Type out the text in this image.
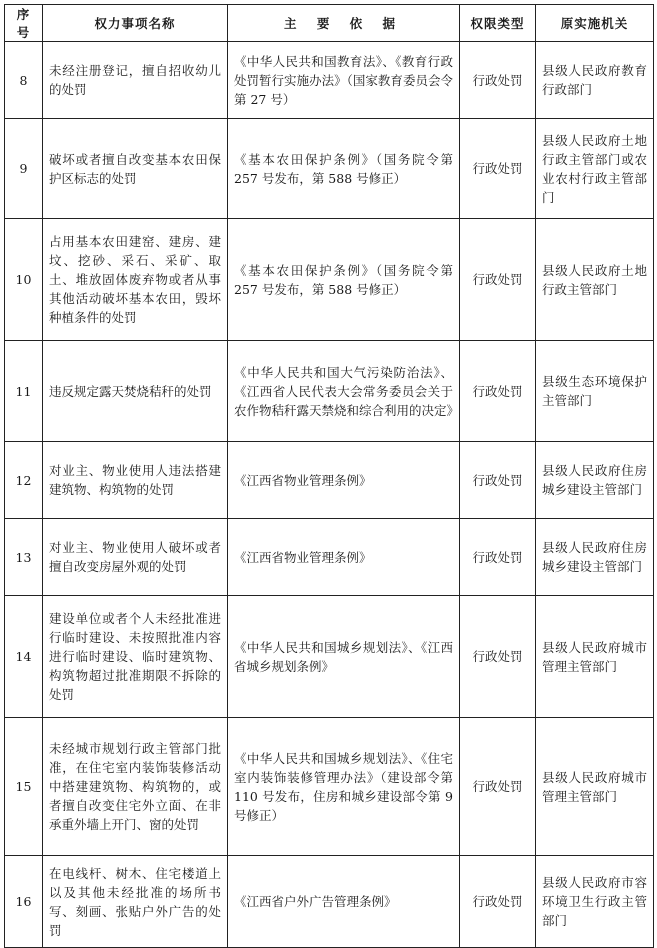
序号	权力事项名称	主 要 依 据	权限类型	原实施机关
8	未经注册登记，擅自招收幼儿的处罚	《中华人民共和国教育法》、《教育行政处罚暂行实施办法》（国家教育委员会令第 27 号）	行政处罚	县级人民政府教育行政部门
9	破坏或者擅自改变基本农田保护区标志的处罚	《基本农田保护条例》（国务院令第 257 号发布，第 588 号修正）	行政处罚	县级人民政府土地行政主管部门或农业农村行政主管部门
10	占用基本农田建窑、建房、建坟、挖砂、采石、采矿、取土、堆放固体废弃物或者从事其他活动破坏基本农田，毁坏种植条件的处罚	《基本农田保护条例》（国务院令第 257 号发布，第 588 号修正）	行政处罚	县级人民政府土地行政主管部门
11	违反规定露天焚烧秸秆的处罚	《中华人民共和国大气污染防治法》、《江西省人民代表大会常务委员会关于农作物秸秆露天禁烧和综合利用的决定》	行政处罚	县级生态环境保护主管部门
12	对业主、物业使用人违法搭建建筑物、构筑物的处罚	《江西省物业管理条例》	行政处罚	县级人民政府住房城乡建设主管部门
13	对业主、物业使用人破坏或者擅自改变房屋外观的处罚	《江西省物业管理条例》	行政处罚	县级人民政府住房城乡建设主管部门
14	建设单位或者个人未经批准进行临时建设、未按照批准内容进行临时建设、临时建筑物、构筑物超过批准期限不拆除的处罚	《中华人民共和国城乡规划法》、《江西省城乡规划条例》	行政处罚	县级人民政府城市管理主管部门
15	未经城市规划行政主管部门批准，在住宅室内装饰装修活动中搭建建筑物、构筑物的，或者擅自改变住宅外立面、在非承重外墙上开门、窗的处罚	《中华人民共和国城乡规划法》、《住宅室内装饰装修管理办法》（建设部令第 110 号发布，住房和城乡建设部令第 9 号修正）	行政处罚	县级人民政府城市管理主管部门
16	在电线杆、树木、住宅楼道上以及其他未经批准的场所书写、刻画、张贴户外广告的处罚	《江西省户外广告管理条例》	行政处罚	县级人民政府市容环境卫生行政主管部门
